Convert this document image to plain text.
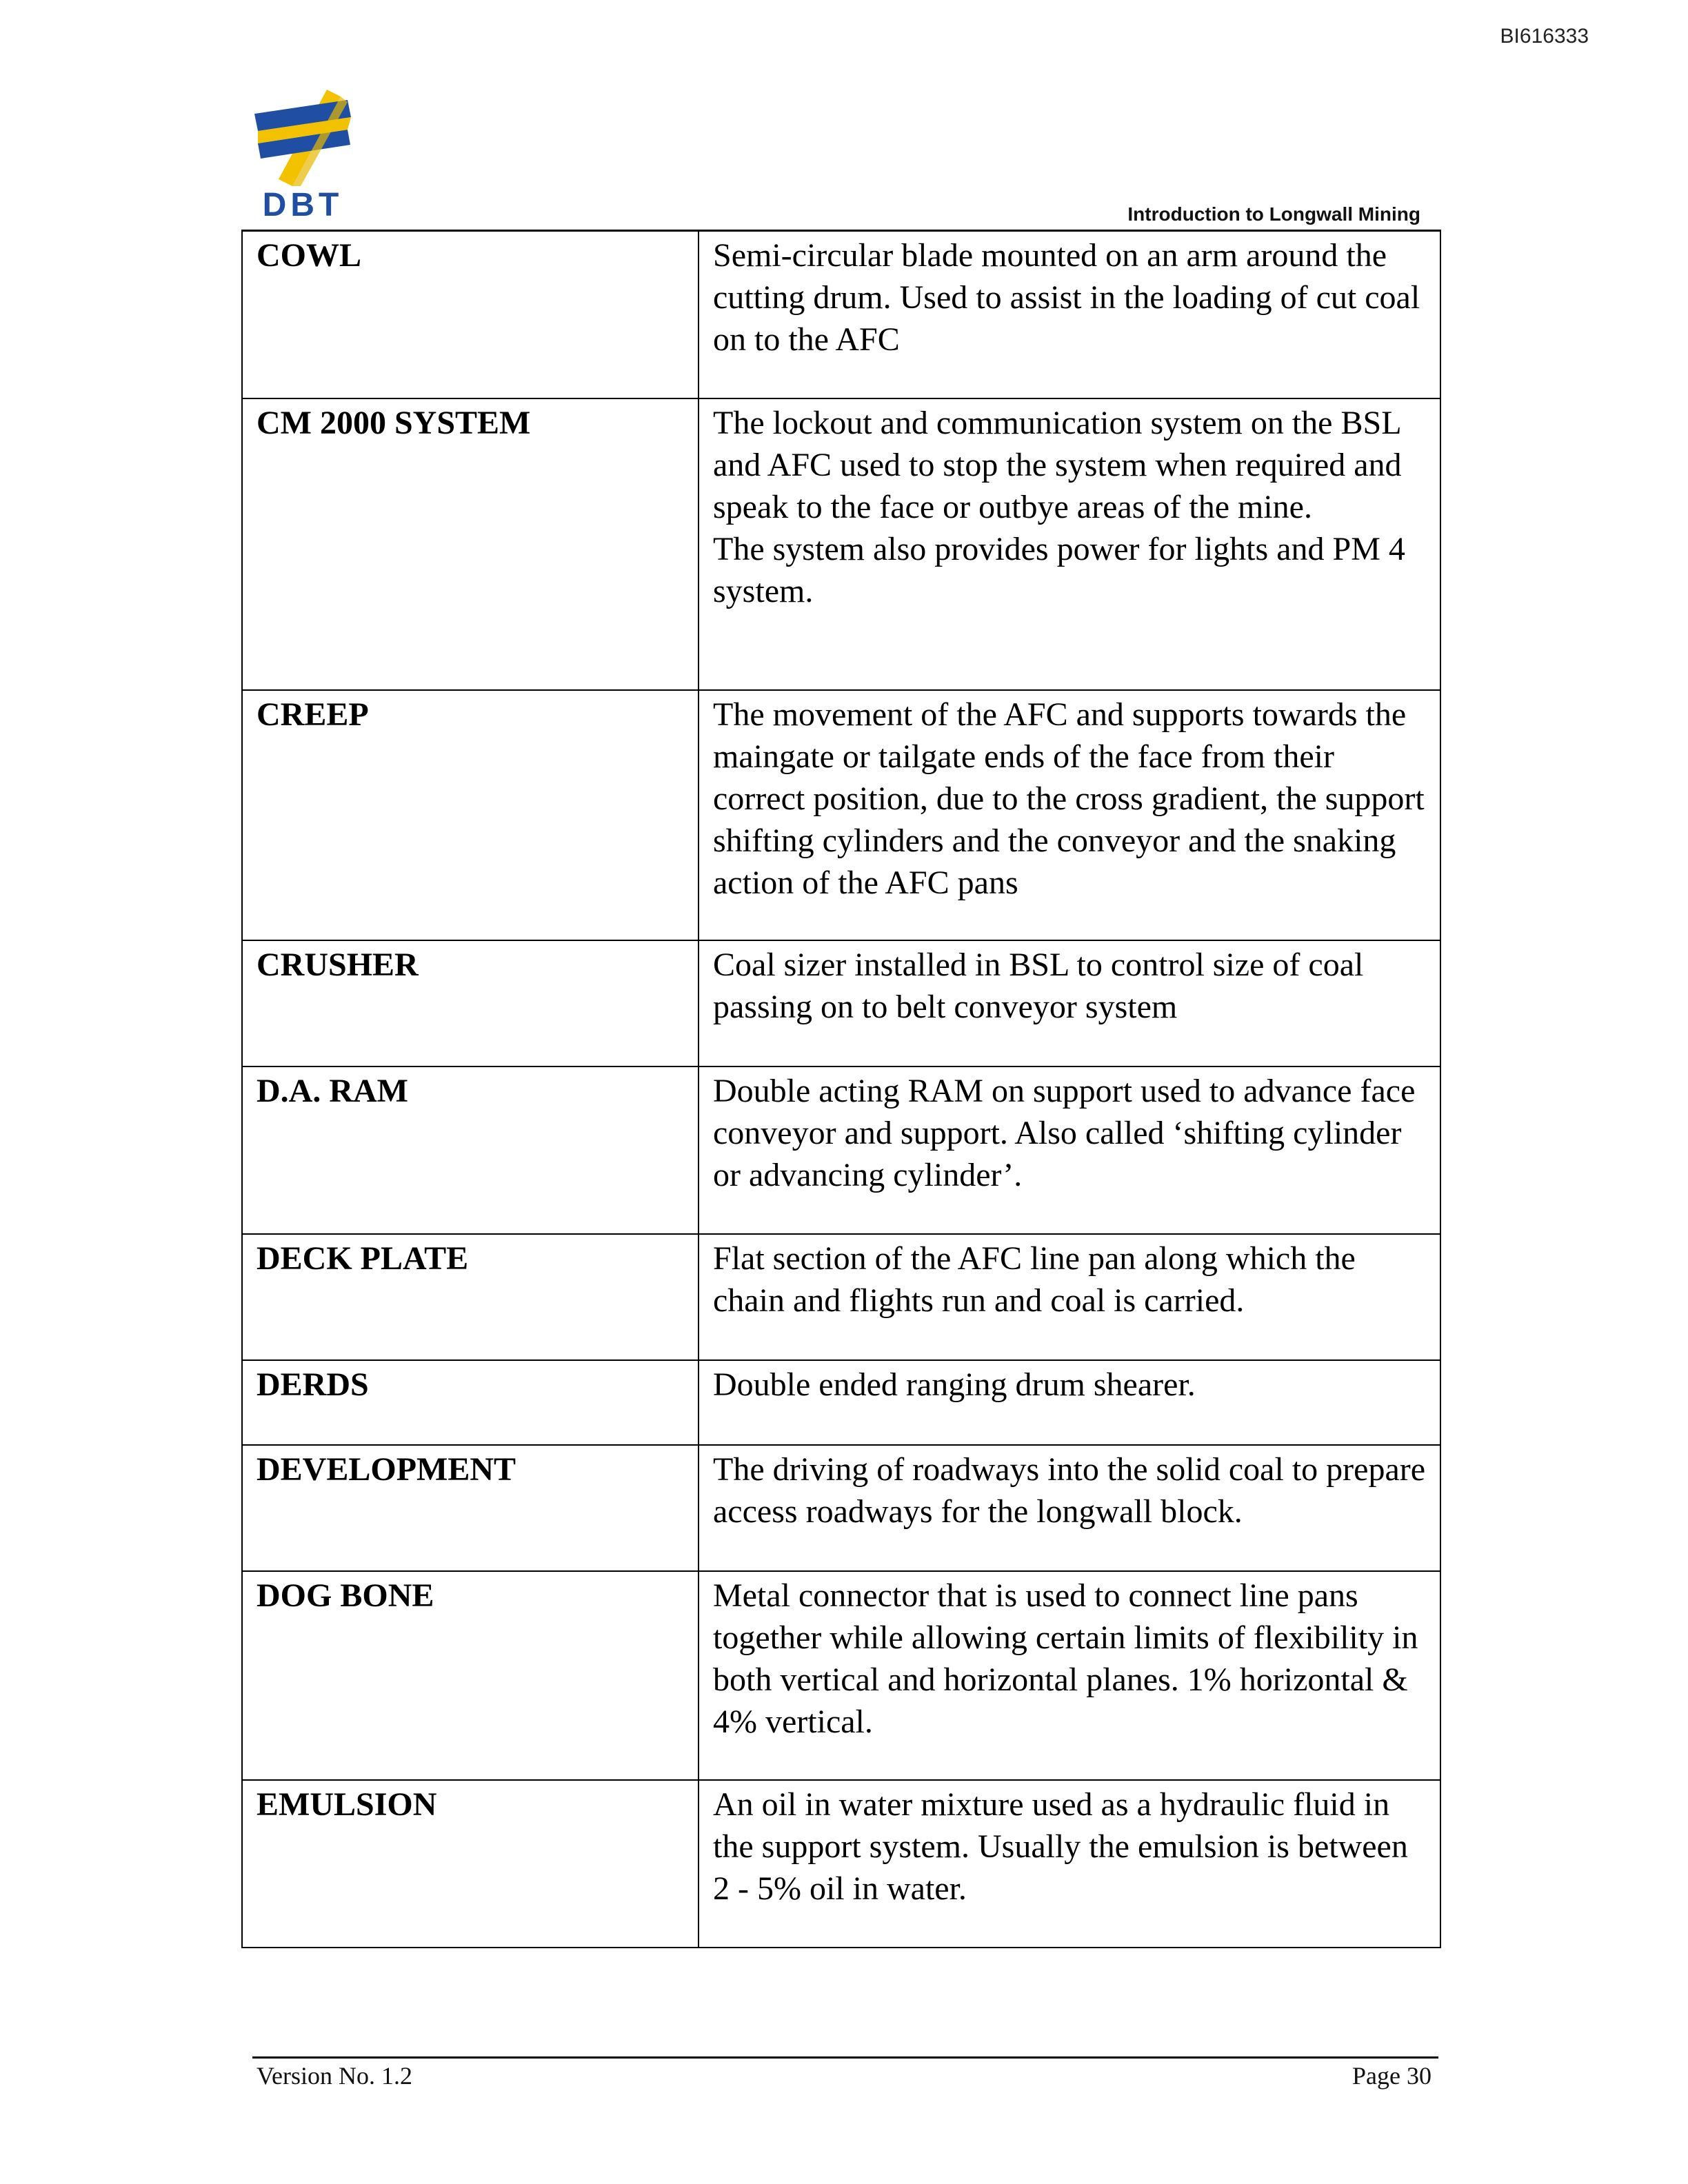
BI616333
DBT	Introduction to Longwall Mining
COWL	Semi-circular blade mounted on an arm around the cutting drum. Used to assist in the loading of cut coal on to the AFC

CM 2000 SYSTEM	The lockout and communication system on the BSL and AFC used to stop the system when required and speak to the face or outbye areas of the mine.
The system also provides power for lights and PM 4 system.

CREEP	The movement of the AFC and supports towards the maingate or tailgate ends of the face from their correct position, due to the cross gradient, the support shifting cylinders and the conveyor and the snaking action of the AFC pans

CRUSHER	Coal sizer installed in BSL to control size of coal passing on to belt conveyor system

D.A. RAM	Double acting RAM on support used to advance face conveyor and support. Also called ‘shifting cylinder or advancing cylinder’.

DECK PLATE	Flat section of the AFC line pan along which the chain and flights run and coal is carried.

DERDS	Double ended ranging drum shearer.

DEVELOPMENT	The driving of roadways into the solid coal to prepare access roadways for the longwall block.

DOG BONE	Metal connector that is used to connect line pans together while allowing certain limits of flexibility in both vertical and horizontal planes. 1% horizontal & 4% vertical.

EMULSION	An oil in water mixture used as a hydraulic fluid in the support system. Usually the emulsion is between 2 - 5% oil in water.
Version No. 1.2	Page 30
